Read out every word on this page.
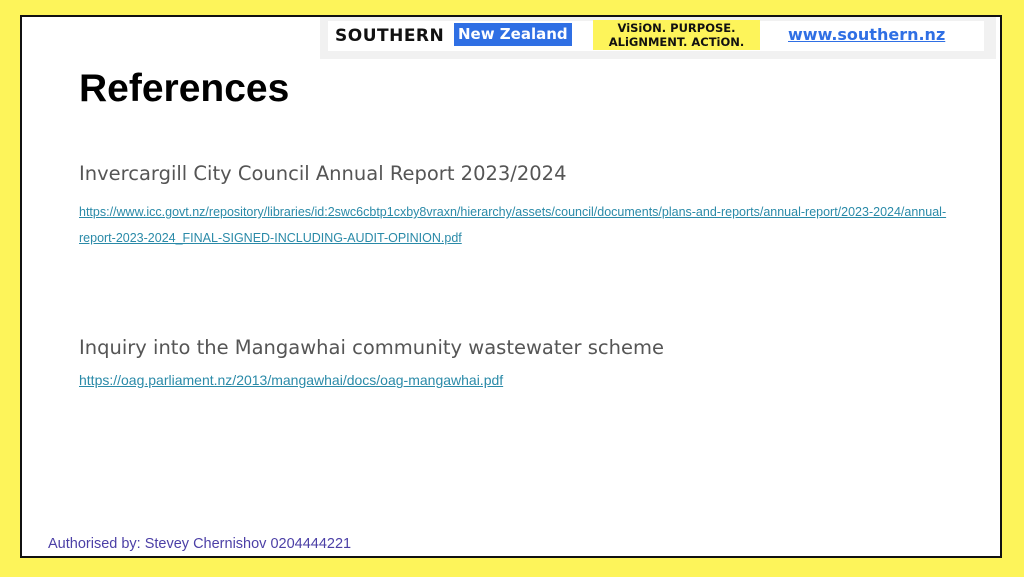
SOUTHERN New Zealand	ViSiON. PURPOSE.
ALiGNMENT. ACTiON.	www.southern.nz
References
Invercargill City Council Annual Report 2023/2024
https://www.icc.govt.nz/repository/libraries/id:2swc6cbtp1cxby8vraxn/hierarchy/assets/council/documents/plans-and-reports/annual-report/2023-2024/annual-report-2023-2024_FINAL-SIGNED-INCLUDING-AUDIT-OPINION.pdf
Inquiry into the Mangawhai community wastewater scheme
https://oag.parliament.nz/2013/mangawhai/docs/oag-mangawhai.pdf
Authorised by: Stevey Chernishov 0204444221
